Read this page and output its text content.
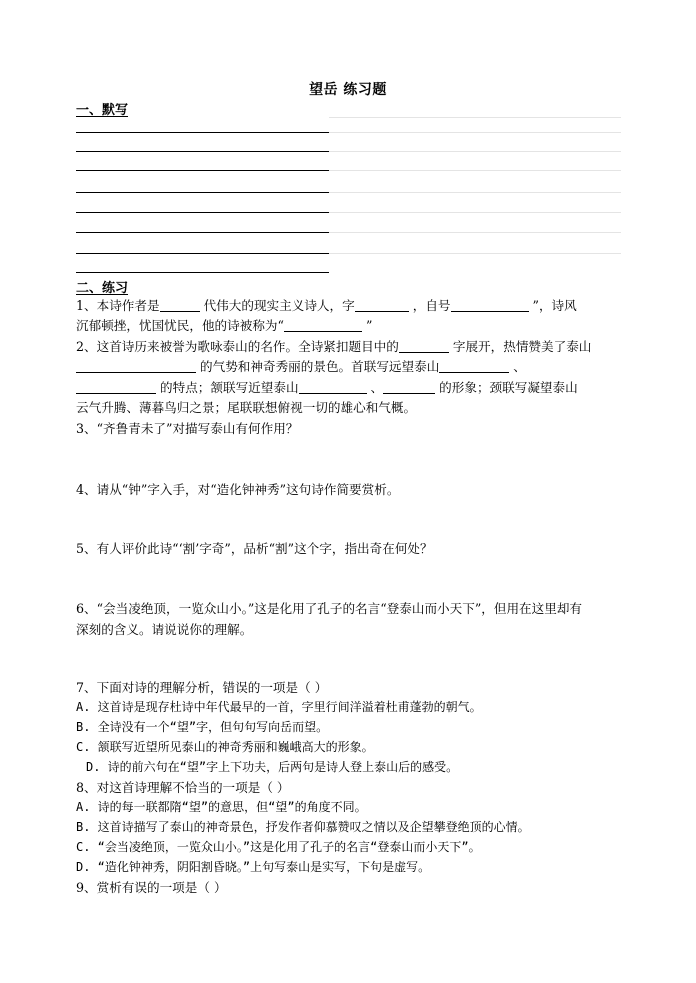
望岳 练习题
一、默写
二、练习
1、本诗作者是	代伟大的现实主义诗人，字	，自号	”，诗风
沉郁顿挫，忧国忧民，他的诗被称为“	”
2、这首诗历来被誉为歌咏泰山的名作。全诗紧扣题目中的	字展开，热情赞美了泰山
的气势和神奇秀丽的景色。首联写远望泰山	、
的特点；颔联写近望泰山	、	的形象；颈联写凝望泰山
云气升腾、薄暮鸟归之景；尾联联想俯视一切的雄心和气概。
3、“齐鲁青未了”对描写泰山有何作用？
4、请从“钟”字入手，对“造化钟神秀”这句诗作简要赏析。
5、有人评价此诗“‘割’字奇”，品析“割”这个字，指出奇在何处？
6、“会当凌绝顶，一览众山小。”这是化用了孔子的名言“登泰山而小天下”，但用在这里却有
深刻的含义。请说说你的理解。
7、下面对诗的理解分析，错误的一项是（ ）
A. 这首诗是现存杜诗中年代最早的一首，字里行间洋溢着杜甫蓬勃的朝气。
B. 全诗没有一个“望”字，但句句写向岳而望。
C. 颔联写近望所见泰山的神奇秀丽和巍峨高大的形象。
D. 诗的前六句在“望”字上下功夫，后两句是诗人登上泰山后的感受。
8、对这首诗理解不恰当的一项是（ ）
A. 诗的每一联都隋“望”的意思，但“望”的角度不同。
B. 这首诗描写了泰山的神奇景色，抒发作者仰慕赞叹之情以及企望攀登绝顶的心情。
C. “会当凌绝顶，一览众山小。”这是化用了孔子的名言“登泰山而小天下”。
D. “造化钟神秀，阴阳割昏晓。”上句写泰山是实写，下句是虚写。
9、赏析有误的一项是（ ）
